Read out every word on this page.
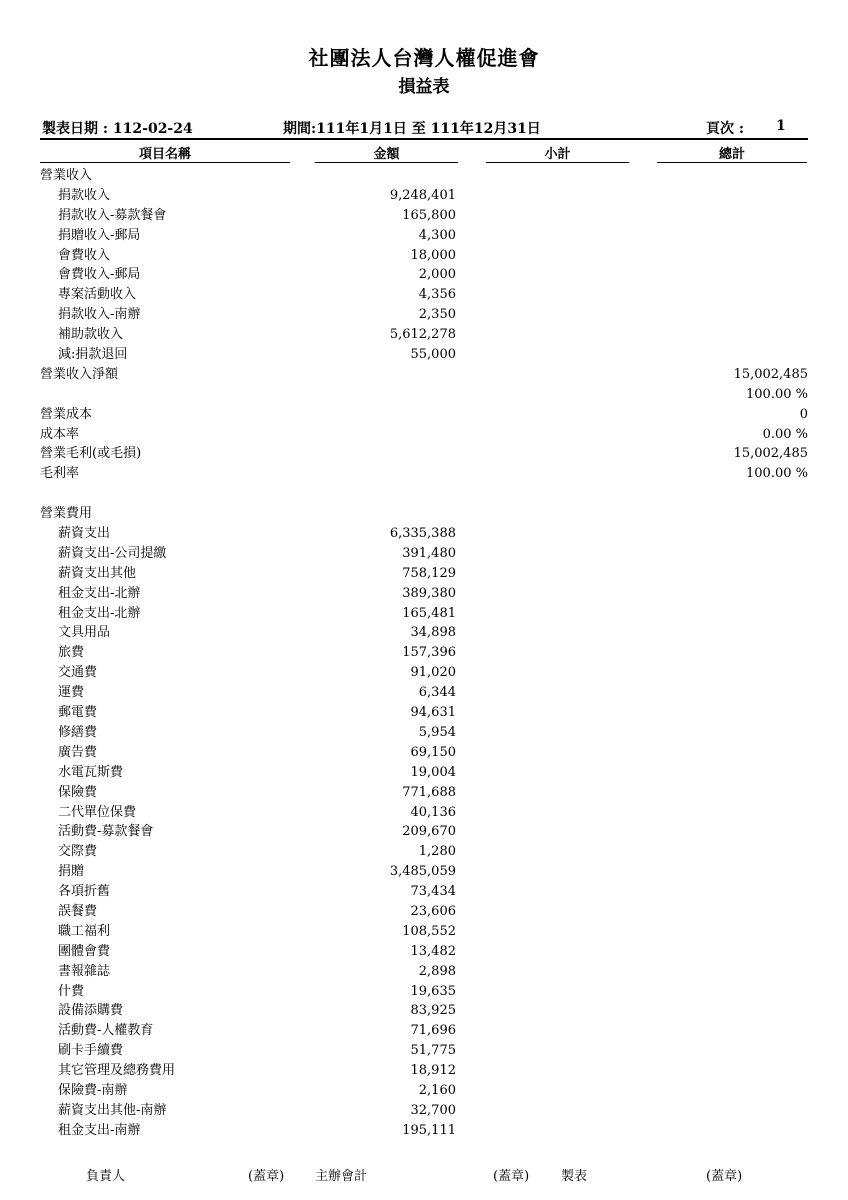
社團法人台灣人權促進會
損益表
製表日期 : 112-02-24	期間:111年1月1日 至 111年12月31日	頁次 : 1
項目名稱	金額	小計	總計
營業收入
捐款收入	9,248,401
捐款收入-募款餐會	165,800
捐贈收入-郵局	4,300
會費收入	18,000
會費收入-郵局	2,000
專案活動收入	4,356
捐款收入-南辦	2,350
補助款收入	5,612,278
減:捐款退回	55,000
營業收入淨額	15,002,485
100.00 %
營業成本	0
成本率	0.00 %
營業毛利(或毛損)	15,002,485
毛利率	100.00 %
營業費用
薪資支出	6,335,388
薪資支出-公司提繳	391,480
薪資支出其他	758,129
租金支出-北辦	389,380
租金支出-北辦	165,481
文具用品	34,898
旅費	157,396
交通費	91,020
運費	6,344
郵電費	94,631
修繕費	5,954
廣告費	69,150
水電瓦斯費	19,004
保險費	771,688
二代單位保費	40,136
活動費-募款餐會	209,670
交際費	1,280
捐贈	3,485,059
各項折舊	73,434
誤餐費	23,606
職工福利	108,552
團體會費	13,482
書報雜誌	2,898
什費	19,635
設備添購費	83,925
活動費-人權教育	71,696
刷卡手續費	51,775
其它管理及總務費用	18,912
保險費-南辦	2,160
薪資支出其他-南辦	32,700
租金支出-南辦	195,111
負責人	(蓋章) 主辦會計	(蓋章) 製表	(蓋章)
